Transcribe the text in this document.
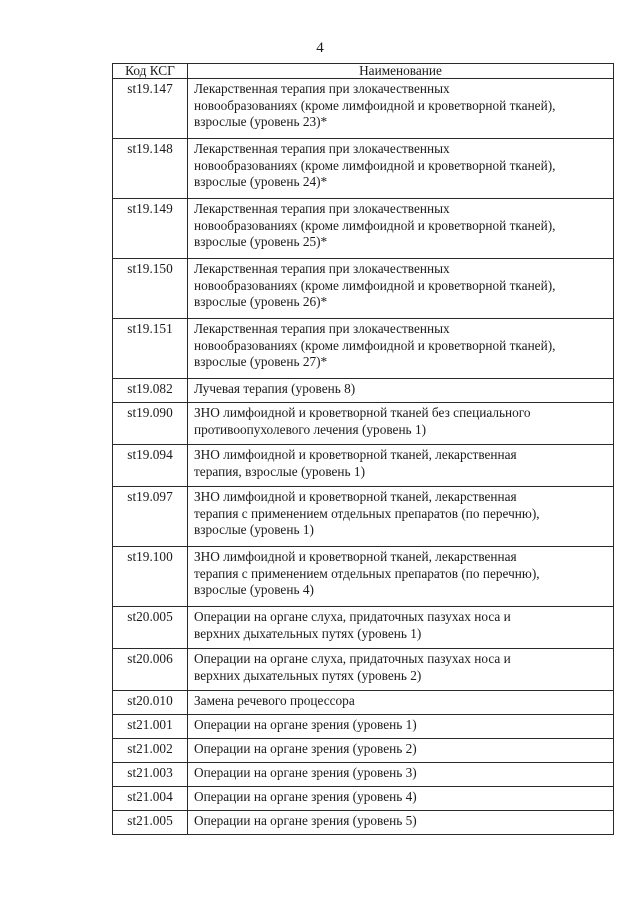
4
Код КСГ	Наименование
st19.147	Лекарственная терапия при злокачественных
новообразованиях (кроме лимфоидной и кроветворной тканей),
взрослые (уровень 23)*

st19.148	Лекарственная терапия при злокачественных
новообразованиях (кроме лимфоидной и кроветворной тканей),
взрослые (уровень 24)*

st19.149	Лекарственная терапия при злокачественных
новообразованиях (кроме лимфоидной и кроветворной тканей),
взрослые (уровень 25)*

st19.150	Лекарственная терапия при злокачественных
новообразованиях (кроме лимфоидной и кроветворной тканей),
взрослые (уровень 26)*

st19.151	Лекарственная терапия при злокачественных
новообразованиях (кроме лимфоидной и кроветворной тканей),
взрослые (уровень 27)*

st19.082	Лучевая терапия (уровень 8)

st19.090	ЗНО лимфоидной и кроветворной тканей без специального
противоопухолевого лечения (уровень 1)

st19.094	ЗНО лимфоидной и кроветворной тканей, лекарственная
терапия, взрослые (уровень 1)

st19.097	ЗНО лимфоидной и кроветворной тканей, лекарственная
терапия с применением отдельных препаратов (по перечню),
взрослые (уровень 1)

st19.100	ЗНО лимфоидной и кроветворной тканей, лекарственная
терапия с применением отдельных препаратов (по перечню),
взрослые (уровень 4)

st20.005	Операции на органе слуха, придаточных пазухах носа и
верхних дыхательных путях (уровень 1)

st20.006	Операции на органе слуха, придаточных пазухах носа и
верхних дыхательных путях (уровень 2)

st20.010	Замена речевого процессора

st21.001	Операции на органе зрения (уровень 1)

st21.002	Операции на органе зрения (уровень 2)

st21.003	Операции на органе зрения (уровень 3)

st21.004	Операции на органе зрения (уровень 4)

st21.005	Операции на органе зрения (уровень 5)
